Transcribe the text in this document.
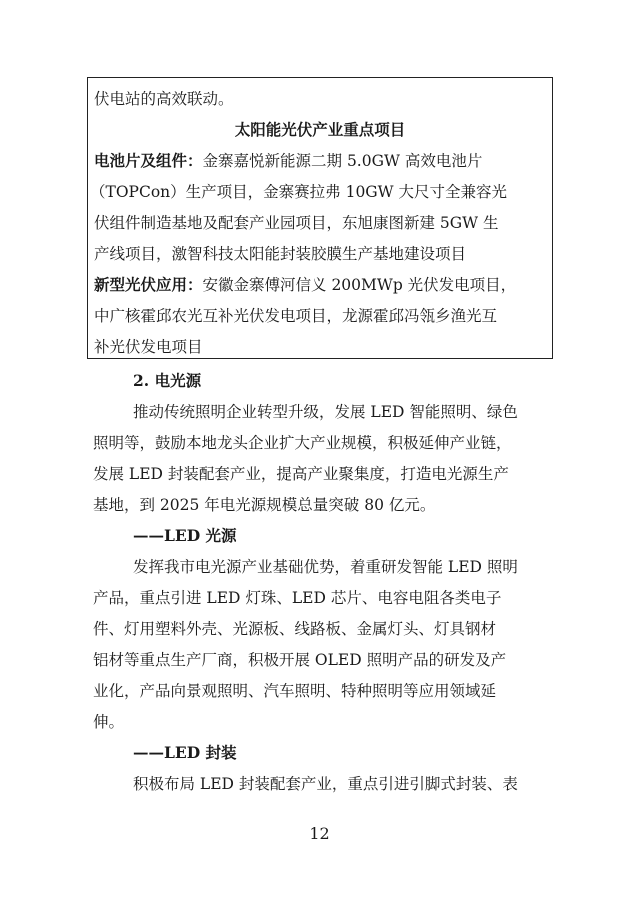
伏电站的高效联动。
太阳能光伏产业重点项目
电池片及组件：金寨嘉悦新能源二期 5.0GW 高效电池片
（TOPCon）生产项目，金寨赛拉弗 10GW 大尺寸全兼容光
伏组件制造基地及配套产业园项目，东旭康图新建 5GW 生
产线项目，激智科技太阳能封装胶膜生产基地建设项目
新型光伏应用：安徽金寨傅河信义 200MWp 光伏发电项目，
中广核霍邱农光互补光伏发电项目，龙源霍邱冯瓴乡渔光互
补光伏发电项目
2. 电光源
推动传统照明企业转型升级，发展 LED 智能照明、绿色
照明等，鼓励本地龙头企业扩大产业规模，积极延伸产业链，
发展 LED 封装配套产业，提高产业聚集度，打造电光源生产
基地，到 2025 年电光源规模总量突破 80 亿元。
——LED 光源
发挥我市电光源产业基础优势，着重研发智能 LED 照明
产品，重点引进 LED 灯珠、LED 芯片、电容电阻各类电子
件、灯用塑料外壳、光源板、线路板、金属灯头、灯具钢材
铝材等重点生产厂商，积极开展 OLED 照明产品的研发及产
业化，产品向景观照明、汽车照明、特种照明等应用领域延
伸。
——LED 封装
积极布局 LED 封装配套产业，重点引进引脚式封装、表
12
